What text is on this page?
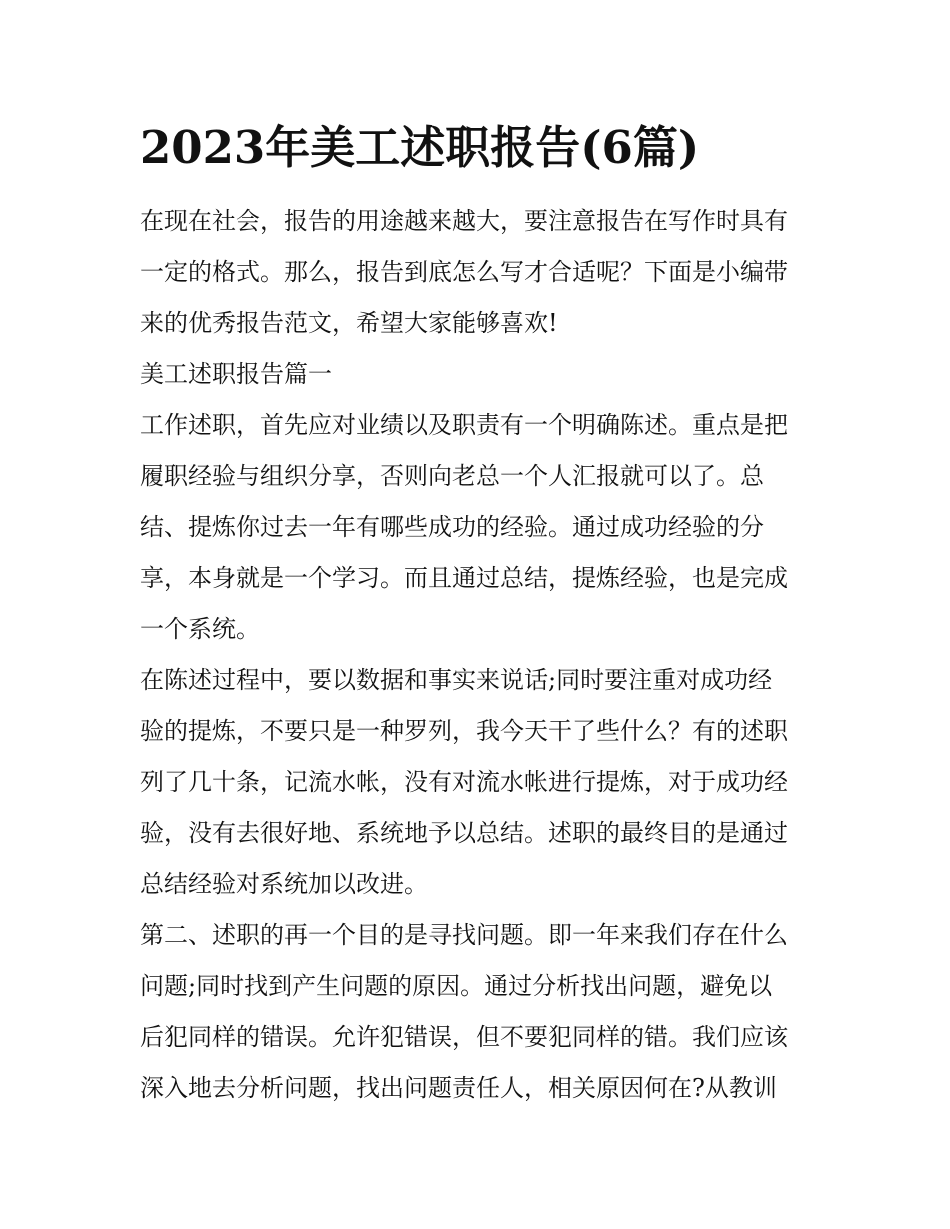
2023年美工述职报告(6篇)
在现在社会，报告的用途越来越大，要注意报告在写作时具有
一定的格式。那么，报告到底怎么写才合适呢？下面是小编带
来的优秀报告范文，希望大家能够喜欢!
美工述职报告篇一
工作述职，首先应对业绩以及职责有一个明确陈述。重点是把
履职经验与组织分享，否则向老总一个人汇报就可以了。总
结、提炼你过去一年有哪些成功的经验。通过成功经验的分
享，本身就是一个学习。而且通过总结，提炼经验，也是完成
一个系统。
在陈述过程中，要以数据和事实来说话;同时要注重对成功经
验的提炼，不要只是一种罗列，我今天干了些什么？有的述职
列了几十条，记流水帐，没有对流水帐进行提炼，对于成功经
验，没有去很好地、系统地予以总结。述职的最终目的是通过
总结经验对系统加以改进。
第二、述职的再一个目的是寻找问题。即一年来我们存在什么
问题;同时找到产生问题的原因。通过分析找出问题，避免以
后犯同样的错误。允许犯错误，但不要犯同样的错。我们应该
深入地去分析问题，找出问题责任人，相关原因何在?从教训
